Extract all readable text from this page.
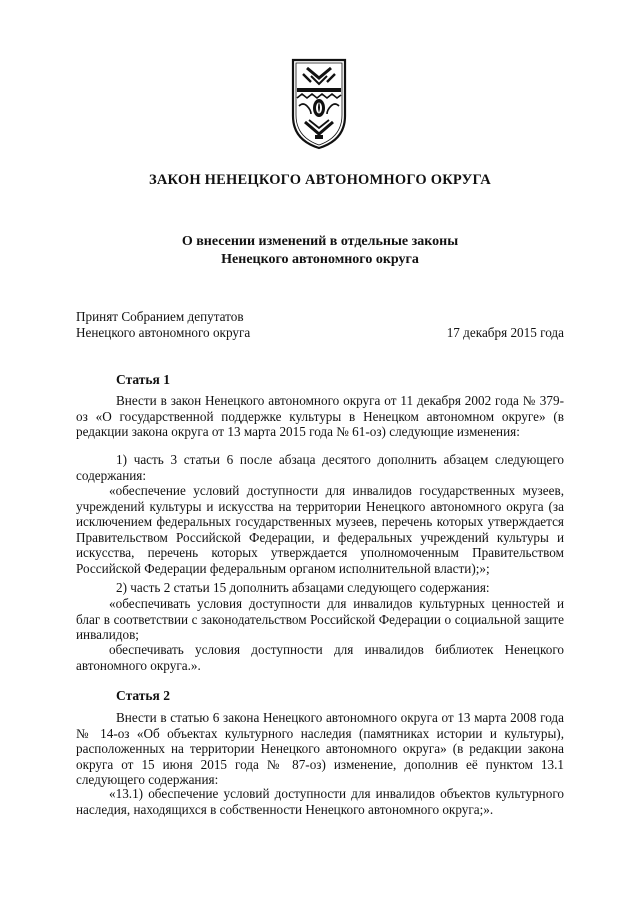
ЗАКОН НЕНЕЦКОГО АВТОНОМНОГО ОКРУГА
О внесении изменений в отдельные законы
Ненецкого автономного округа
Принят Собранием депутатов
Ненецкого автономного округа	17 декабря 2015 года
Статья 1
Внести в закон Ненецкого автономного округа от 11 декабря 2002 года № 379-оз «О государственной поддержке культуры в Ненецком автономном округе» (в редакции закона округа от 13 марта 2015 года № 61-оз) следующие изменения:
1) часть 3 статьи 6 после абзаца десятого дополнить абзацем следующего содержания:
«обеспечение условий доступности для инвалидов государственных музеев, учреждений культуры и искусства на территории Ненецкого автономного округа (за исключением федеральных государственных музеев, перечень которых утверждается Правительством Российской Федерации, и федеральных учреждений культуры и искусства, перечень которых утверждается уполномоченным Правительством Российской Федерации федеральным органом исполнительной власти);»;
2) часть 2 статьи 15 дополнить абзацами следующего содержания:
«обеспечивать условия доступности для инвалидов культурных ценностей и благ в соответствии с законодательством Российской Федерации о социальной защите инвалидов;
обеспечивать условия доступности для инвалидов библиотек Ненецкого автономного округа.».
Статья 2
Внести в статью 6 закона Ненецкого автономного округа от 13 марта 2008 года № 14-оз «Об объектах культурного наследия (памятниках истории и культуры), расположенных на территории Ненецкого автономного округа» (в редакции закона округа от 15 июня 2015 года № 87-оз) изменение, дополнив её пунктом 13.1 следующего содержания:
«13.1) обеспечение условий доступности для инвалидов объектов культурного наследия, находящихся в собственности Ненецкого автономного округа;».
